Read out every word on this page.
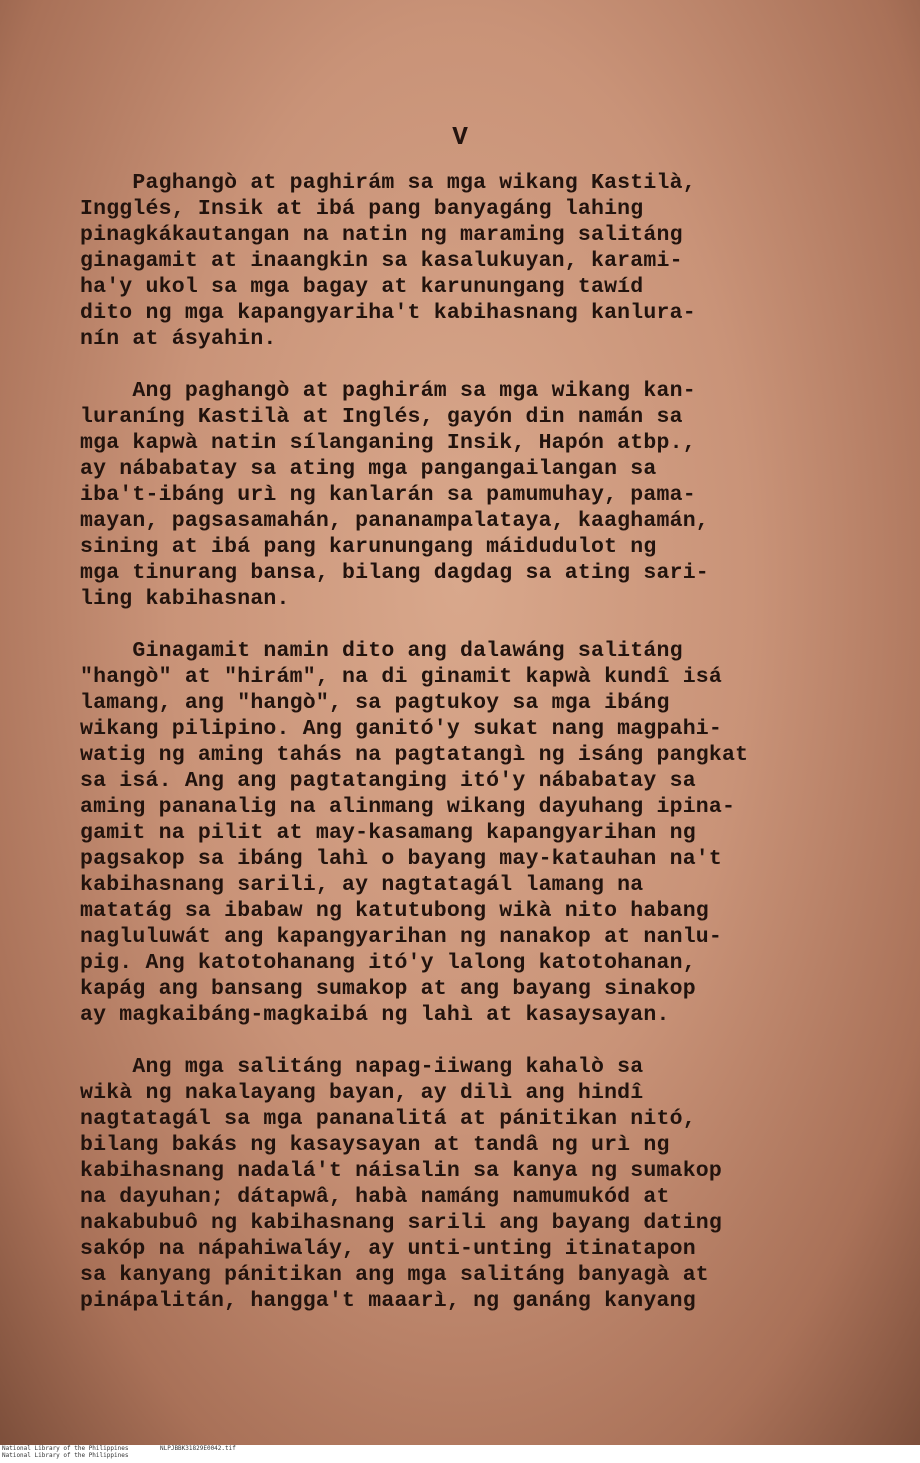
V
Paghangò at paghirám sa mga wikang Kastilà,
Ingglés, Insik at ibá pang banyagáng lahing
pinagkákautangan na natin ng maraming salitáng
ginagamit at inaangkin sa kasalukuyan, karami-
ha'y ukol sa mga bagay at karunungang tawíd
dito ng mga kapangyariha't kabihasnang kanlura-
nín at ásyahin.
Ang paghangò at paghirám sa mga wikang kan-
luraníng Kastilà at Inglés, gayón din namán sa
mga kapwà natin sílanganing Insik, Hapón atbp.,
ay nábabatay sa ating mga pangangailangan sa
iba't-ibáng urì ng kanlarán sa pamumuhay, pama-
mayan, pagsasamahán, pananampalataya, kaaghamán,
sining at ibá pang karunungang máidudulot ng
mga tinurang bansa, bilang dagdag sa ating sari-
ling kabihasnan.
Ginagamit namin dito ang dalawáng salitáng
"hangò" at "hirám", na di ginamit kapwà kundî isá
lamang, ang "hangò", sa pagtukoy sa mga ibáng
wikang pilipino. Ang ganitó'y sukat nang magpahi-
watig ng aming tahás na pagtatangì ng isáng pangkat
sa isá. Ang ang pagtatanging itó'y nábabatay sa
aming pananalig na alinmang wikang dayuhang ipina-
gamit na pilit at may-kasamang kapangyarihan ng
pagsakop sa ibáng lahì o bayang may-katauhan na't
kabihasnang sarili, ay nagtatagál lamang na
matatág sa ibabaw ng katutubong wikà nito habang
nagluluwát ang kapangyarihan ng nanakop at nanlu-
pig. Ang katotohanang itó'y lalong katotohanan,
kapág ang bansang sumakop at ang bayang sinakop
ay magkaibáng-magkaibá ng lahì at kasaysayan.
Ang mga salitáng napag-iiwang kahalò sa
wikà ng nakalayang bayan, ay dilì ang hindî
nagtatagál sa mga pananalitá at pánitikan nitó,
bilang bakás ng kasaysayan at tandâ ng urì ng
kabihasnang nadalá't náisalin sa kanya ng sumakop
na dayuhan; dátapwâ, habà namáng namumukód at
nakabubuô ng kabihasnang sarili ang bayang dating
sakóp na nápahiwaláy, ay unti-unting itinatapon
sa kanyang pánitikan ang mga salitáng banyagà at
pinápalitán, hangga't maaarì, ng ganáng kanyang
National Library of the Philippines
National Library of the Philippines
NLPJBBK31829E0042.tif
